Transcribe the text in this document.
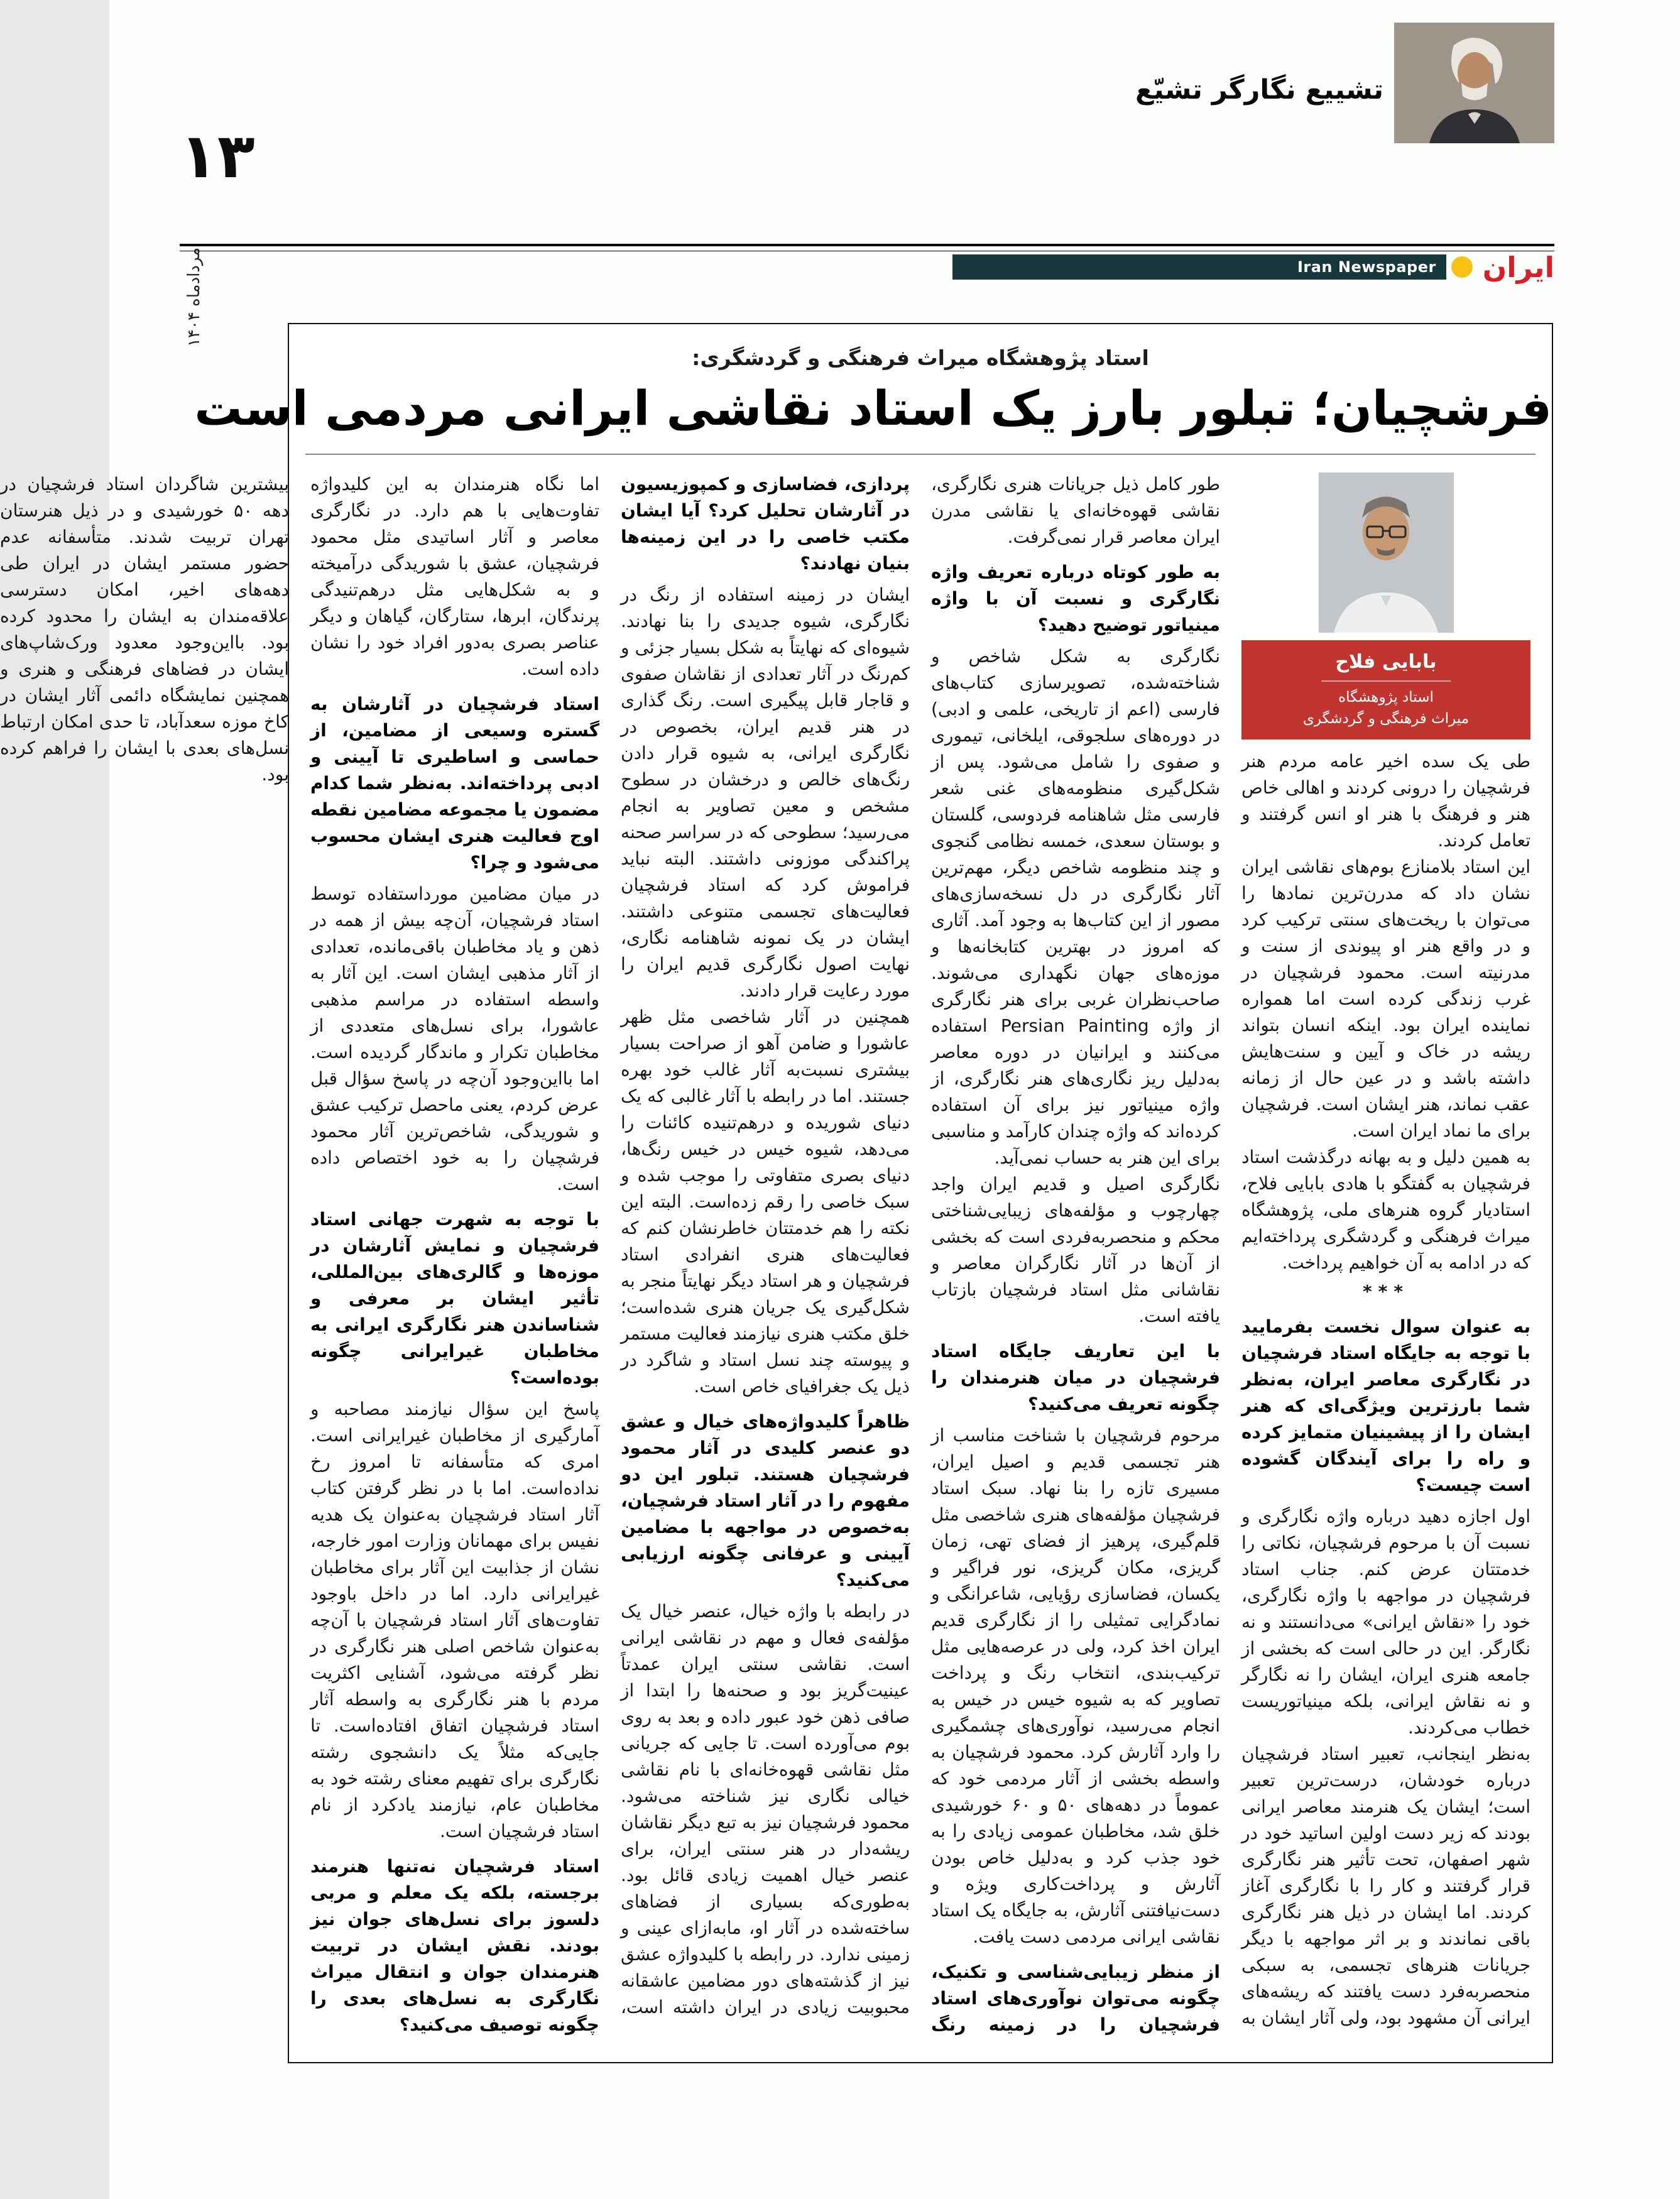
۱۳
مردادماه ۱۴۰۴
تشییع نگارگر تشیّع
ایران
Iran Newspaper
استاد پژوهشگاه میراث فرهنگی و گردشگری:
فرشچیان؛ تبلور بارز یک استاد نقاشی ایرانی مردمی است
بابایی فلاح
استاد پژوهشگاه
میراث فرهنگی و گردشگری

طی یک سده اخیر عامه مردم هنر فرشچیان را درونی کردند و اهالی خاص هنر و فرهنگ با هنر او انس گرفتند و تعامل کردند.

این استاد بلامنازع بوم‌های نقاشی ایران نشان داد که مدرن‌ترین نمادها را می‌توان با ریخت‌های سنتی ترکیب کرد و در واقع هنر او پیوندی از سنت و مدرنیته است. محمود فرشچیان در غرب زندگی کرده است اما همواره نماینده ایران بود. اینکه انسان بتواند ریشه در خاک و آیین و سنت‌هایش داشته باشد و در عین حال از زمانه عقب نماند، هنر ایشان است. فرشچیان برای ما نماد ایران است.

به همین دلیل و به بهانه درگذشت استاد فرشچیان به گفتگو با هادی بابایی فلاح، استادیار گروه هنرهای ملی، پژوهشگاه میراث فرهنگی و گردشگری پرداخته‌ایم که در ادامه به آن خواهیم پرداخت.

***

به عنوان سوال نخست بفرمایید با توجه به جایگاه استاد فرشچیان در نگارگری معاصر ایران، به‌نظر شما بارزترین ویژگی‌ای که هنر ایشان را از پیشینیان متمایز کرده و راه را برای آیندگان گشوده است چیست؟

اول اجازه دهید درباره واژه نگارگری و نسبت آن با مرحوم فرشچیان، نکاتی را خدمتتان عرض کنم. جناب استاد فرشچیان در مواجهه با واژه نگارگری، خود را «نقاش ایرانی» می‌دانستند و نه نگارگر. این در حالی است که بخشی از جامعه هنری ایران، ایشان را نه نگارگر و نه نقاش ایرانی، بلکه مینیاتوریست خطاب می‌کردند.

به‌نظر اینجانب، تعبیر استاد فرشچیان درباره خودشان، درست‌ترین تعبیر است؛ ایشان یک هنرمند معاصر ایرانی بودند که زیر دست اولین اساتید خود در شهر اصفهان، تحت تأثیر هنر نگارگری قرار گرفتند و کار را با نگارگری آغاز کردند. اما ایشان در ذیل هنر نگارگری باقی نماندند و بر اثر مواجهه با دیگر جریانات هنرهای تجسمی، به سبکی منحصربه‌فرد دست یافتند که ریشه‌های ایرانی آن مشهود بود، ولی آثار ایشان به طور کامل ذیل جریانات هنری نگارگری، نقاشی قهوه‌خانه‌ای یا نقاشی مدرن ایران معاصر قرار نمی‌گرفت.

به طور کوتاه درباره تعریف واژه نگارگری و نسبت آن با واژه مینیاتور توضیح دهید؟

نگارگری به شکل شاخص و شناخته‌شده، تصویرسازی کتاب‌های فارسی (اعم از تاریخی، علمی و ادبی) در دوره‌های سلجوقی، ایلخانی، تیموری و صفوی را شامل می‌شود. پس از شکل‌گیری منظومه‌های غنی شعر فارسی مثل شاهنامه فردوسی، گلستان و بوستان سعدی، خمسه نظامی گنجوی و چند منظومه شاخص دیگر، مهم‌ترین آثار نگارگری در دل نسخه‌سازی‌های مصور از این کتاب‌ها به وجود آمد. آثاری که امروز در بهترین کتابخانه‌ها و موزه‌های جهان نگهداری می‌شوند. صاحب‌نظران غربی برای هنر نگارگری از واژه Persian Painting استفاده می‌کنند و ایرانیان در دوره معاصر به‌دلیل ریز نگاری‌های هنر نگارگری، از واژه مینیاتور نیز برای آن استفاده کرده‌اند که واژه چندان کارآمد و مناسبی برای این هنر به حساب نمی‌آید.

نگارگری اصیل و قدیم ایران واجد چهارچوب و مؤلفه‌های زیبایی‌شناختی محکم و منحصربه‌فردی است که بخشی از آن‌ها در آثار نگارگران معاصر و نقاشانی مثل استاد فرشچیان بازتاب یافته است.

با این تعاریف جایگاه استاد فرشچیان در میان هنرمندان را چگونه تعریف می‌کنید؟

مرحوم فرشچیان با شناخت مناسب از هنر تجسمی قدیم و اصیل ایران، مسیری تازه را بنا نهاد. سبک استاد فرشچیان مؤلفه‌های هنری شاخصی مثل قلم‌گیری، پرهیز از فضای تهی، زمان گریزی، مکان گریزی، نور فراگیر و یکسان، فضاسازی رؤیایی، شاعرانگی و نمادگرایی تمثیلی را از نگارگری قدیم ایران اخذ کرد، ولی در عرصه‌هایی مثل ترکیب‌بندی، انتخاب رنگ و پرداخت تصاویر که به شیوه خیس در خیس به انجام می‌رسید، نوآوری‌های چشمگیری را وارد آثارش کرد. محمود فرشچیان به واسطه بخشی از آثار مردمی خود که عموماً در دهه‌های ۵۰ و ۶۰ خورشیدی خلق شد، مخاطبان عمومی زیادی را به خود جذب کرد و به‌دلیل خاص بودن آثارش و پرداخت‌کاری ویژه و دست‌نیافتنی آثارش، به جایگاه یک استاد نقاشی ایرانی مردمی دست یافت.

از منظر زیبایی‌شناسی و تکنیک، چگونه می‌توان نوآوری‌های استاد فرشچیان را در زمینه رنگ پردازی، فضاسازی و کمپوزیسیون در آثارشان تحلیل کرد؟ آیا ایشان مکتب خاصی را در این زمینه‌ها بنیان نهادند؟

ایشان در زمینه استفاده از رنگ در نگارگری، شیوه جدیدی را بنا نهادند. شیوه‌ای که نهایتاً به شکل بسیار جزئی و کم‌رنگ در آثار تعدادی از نقاشان صفوی و قاجار قابل پیگیری است. رنگ گذاری در هنر قدیم ایران، بخصوص در نگارگری ایرانی، به شیوه قرار دادن رنگ‌های خالص و درخشان در سطوح مشخص و معین تصاویر به انجام می‌رسید؛ سطوحی که در سراسر صحنه پراکندگی موزونی داشتند. البته نباید فراموش کرد که استاد فرشچیان فعالیت‌های تجسمی متنوعی داشتند. ایشان در یک نمونه شاهنامه نگاری، نهایت اصول نگارگری قدیم ایران را مورد رعایت قرار دادند.

همچنین در آثار شاخصی مثل ظهر عاشورا و ضامن آهو از صراحت بسیار بیشتری نسبت‌به آثار غالب خود بهره جستند. اما در رابطه با آثار غالبی که یک دنیای شوریده و درهم‌تنیده کائنات را می‌دهد، شیوه خیس در خیس رنگ‌ها، دنیای بصری متفاوتی را موجب شده و سبک خاصی را رقم زده‌است. البته این نکته را هم خدمتتان خاطرنشان کنم که فعالیت‌های هنری انفرادی استاد فرشچیان و هر استاد دیگر نهایتاً منجر به شکل‌گیری یک جریان هنری شده‌است؛ خلق مکتب هنری نیازمند فعالیت مستمر و پیوسته چند نسل استاد و شاگرد در ذیل یک جغرافیای خاص است.

ظاهراً کلیدواژه‌های خیال و عشق دو عنصر کلیدی در آثار محمود فرشچیان هستند. تبلور این دو مفهوم را در آثار استاد فرشچیان، به‌خصوص در مواجهه با مضامین آیینی و عرفانی چگونه ارزیابی می‌کنید؟

در رابطه با واژه خیال، عنصر خیال یک مؤلفه‌ی فعال و مهم در نقاشی ایرانی است. نقاشی سنتی ایران عمدتاً عینیت‌گریز بود و صحنه‌ها را ابتدا از صافی ذهن خود عبور داده و بعد به روی بوم می‌آورده است. تا جایی که جریانی مثل نقاشی قهوه‌خانه‌ای با نام نقاشی خیالی نگاری نیز شناخته می‌شود. محمود فرشچیان نیز به تبع دیگر نقاشان ریشه‌دار در هنر سنتی ایران، برای عنصر خیال اهمیت زیادی قائل بود. به‌طوری‌که بسیاری از فضاهای ساخته‌شده در آثار او، مابه‌ازای عینی و زمینی ندارد. در رابطه با کلیدواژه عشق نیز از گذشته‌های دور مضامین عاشقانه محبوبیت زیادی در ایران داشته است، اما نگاه هنرمندان به این کلیدواژه تفاوت‌هایی با هم دارد. در نگارگری معاصر و آثار اساتیدی مثل محمود فرشچیان، عشق با شوریدگی درآمیخته و به شکل‌هایی مثل درهم‌تنیدگی پرندگان، ابرها، ستارگان، گیاهان و دیگر عناصر بصری به‌دور افراد خود را نشان داده است.

استاد فرشچیان در آثارشان به گستره وسیعی از مضامین، از حماسی و اساطیری تا آیینی و ادبی پرداخته‌اند. به‌نظر شما کدام مضمون یا مجموعه مضامین نقطه اوج فعالیت هنری ایشان محسوب می‌شود و چرا؟

در میان مضامین مورداستفاده توسط استاد فرشچیان، آن‌چه بیش از همه در ذهن و یاد مخاطبان باقی‌مانده، تعدادی از آثار مذهبی ایشان است. این آثار به واسطه استفاده در مراسم مذهبی عاشورا، برای نسل‌های متعددی از مخاطبان تکرار و ماندگار گردیده است. اما بااین‌وجود آن‌چه در پاسخ سؤال قبل عرض کردم، یعنی ماحصل ترکیب عشق و شوریدگی، شاخص‌ترین آثار محمود فرشچیان را به خود اختصاص داده است.

با توجه به شهرت جهانی استاد فرشچیان و نمایش آثارشان در موزه‌ها و گالری‌های بین‌المللی، تأثیر ایشان بر معرفی و شناساندن هنر نگارگری ایرانی به مخاطبان غیرایرانی چگونه بوده‌است؟

پاسخ این سؤال نیازمند مصاحبه و آمارگیری از مخاطبان غیرایرانی است. امری که متأسفانه تا امروز رخ نداده‌است. اما با در نظر گرفتن کتاب آثار استاد فرشچیان به‌عنوان یک هدیه نفیس برای مهمانان وزارت امور خارجه، نشان از جذابیت این آثار برای مخاطبان غیرایرانی دارد. اما در داخل باوجود تفاوت‌های آثار استاد فرشچیان با آن‌چه به‌عنوان شاخص اصلی هنر نگارگری در نظر گرفته می‌شود، آشنایی اکثریت مردم با هنر نگارگری به واسطه آثار استاد فرشچیان اتفاق افتاده‌است. تا جایی‌که مثلاً یک دانشجوی رشته نگارگری برای تفهیم معنای رشته خود به مخاطبان عام، نیازمند یادکرد از نام استاد فرشچیان است.

استاد فرشچیان نه‌تنها هنرمند برجسته، بلکه یک معلم و مربی دلسوز برای نسل‌های جوان نیز بودند. نقش ایشان در تربیت هنرمندان جوان و انتقال میراث نگارگری به نسل‌های بعدی را چگونه توصیف می‌کنید؟

بیشترین شاگردان استاد فرشچیان در دهه ۵۰ خورشیدی و در ذیل هنرستان تهران تربیت شدند. متأسفانه عدم حضور مستمر ایشان در ایران طی دهه‌های اخیر، امکان دسترسی علاقه‌مندان به ایشان را محدود کرده بود. بااین‌وجود معدود ورک‌شاپ‌های ایشان در فضاهای فرهنگی و هنری و همچنین نمایشگاه دائمی آثار ایشان در کاخ موزه سعدآباد، تا حدی امکان ارتباط نسل‌های بعدی با ایشان را فراهم کرده بود.
